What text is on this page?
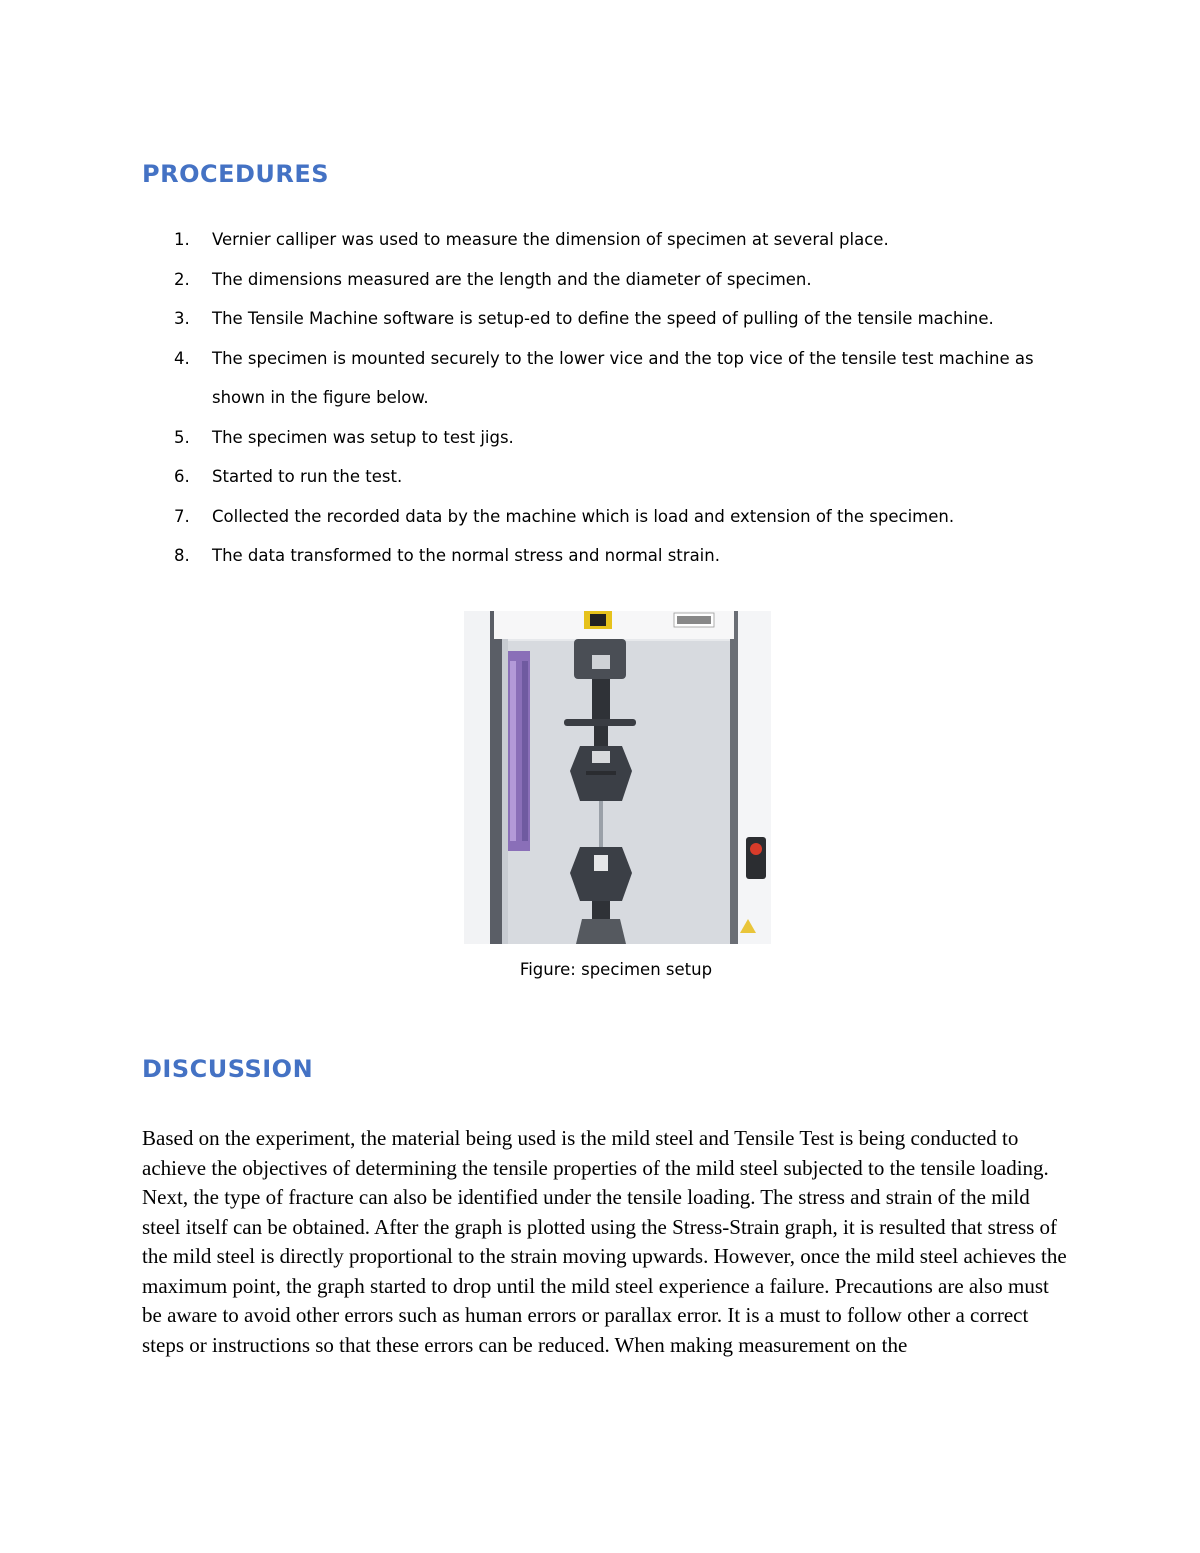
PROCEDURES
1.	Vernier calliper was used to measure the dimension of specimen at several place.
2.	The dimensions measured are the length and the diameter of specimen.
3.	The Tensile Machine software is setup-ed to define the speed of pulling of the tensile machine.
4.	The specimen is mounted securely to the lower vice and the top vice of the tensile test machine as shown in the figure below.
5.	The specimen was setup to test jigs.
6.	Started to run the test.
7.	Collected the recorded data by the machine which is load and extension of the specimen.
8.	The data transformed to the normal stress and normal strain.
Figure: specimen setup
DISCUSSION

Based on the experiment, the material being used is the mild steel and Tensile Test is being conducted to achieve the objectives of determining the tensile properties of the mild steel subjected to the tensile loading. Next, the type of fracture can also be identified under the tensile loading. The stress and strain of the mild steel itself can be obtained. After the graph is plotted using the Stress-Strain graph, it is resulted that stress of the mild steel is directly proportional to the strain moving upwards. However, once the mild steel achieves the maximum point, the graph started to drop until the mild steel experience a failure. Precautions are also must be aware to avoid other errors such as human errors or parallax error. It is a must to follow other a correct steps or instructions so that these errors can be reduced. When making measurement on the
